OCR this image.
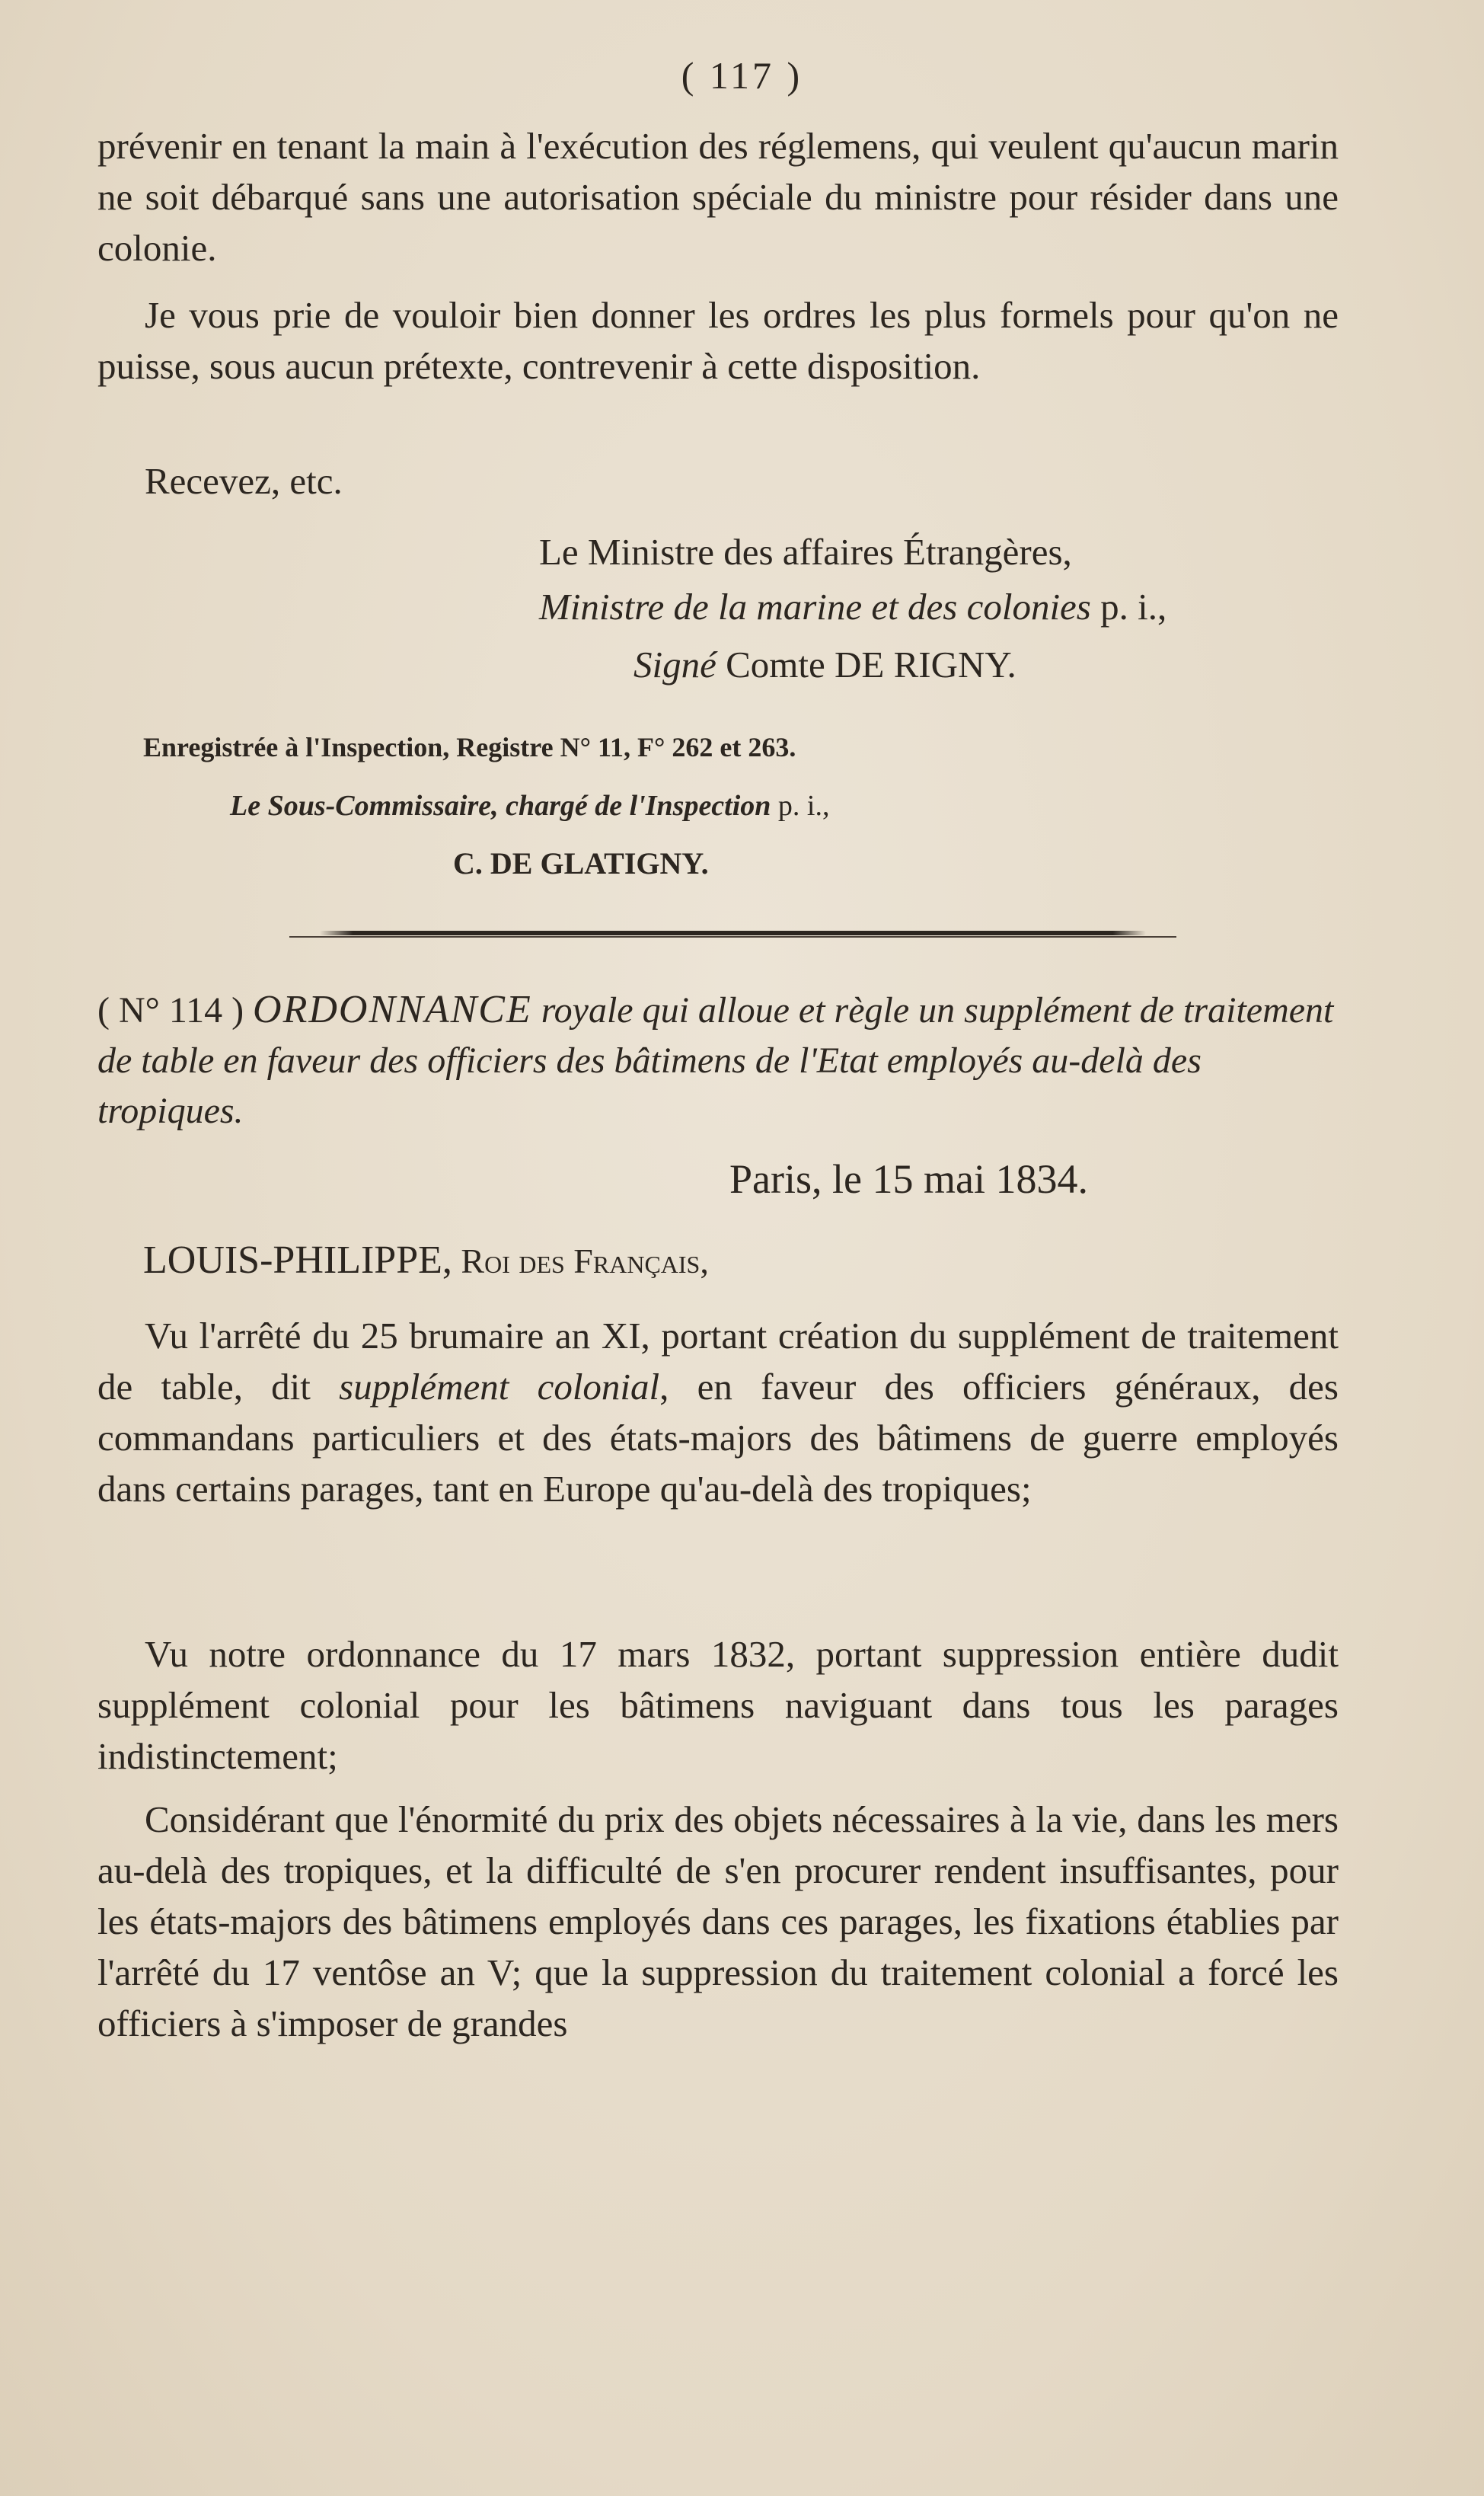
( 117 )

prévenir en tenant la main à l'exécution des réglemens, qui veulent qu'aucun marin ne soit débarqué sans une autorisation spéciale du ministre pour résider dans une colonie.

Je vous prie de vouloir bien donner les ordres les plus formels pour qu'on ne puisse, sous aucun prétexte, contrevenir à cette disposition.

Recevez, etc.

Le Ministre des affaires Étrangères,
Ministre de la marine et des colonies p. i.,
Signé Comte DE RIGNY.
Enregistrée à l'Inspection, Registre N° 11, F° 262 et 263.
Le Sous-Commissaire, chargé de l'Inspection p. i.,
C. DE GLATIGNY.
( N° 114 ) ORDONNANCE royale qui alloue et règle un supplément de traitement de table en faveur des officiers des bâtimens de l'Etat employés au-delà des tropiques.
Paris, le 15 mai 1834.
LOUIS-PHILIPPE, Roi des Français,

Vu l'arrêté du 25 brumaire an XI, portant création du supplément de traitement de table, dit supplément colonial, en faveur des officiers généraux, des commandans particuliers et des états-majors des bâtimens de guerre employés dans certains parages, tant en Europe qu'au-delà des tropiques;

Vu notre ordonnance du 17 mars 1832, portant suppression entière dudit supplément colonial pour les bâtimens naviguant dans tous les parages indistinctement;

Considérant que l'énormité du prix des objets nécessaires à la vie, dans les mers au-delà des tropiques, et la difficulté de s'en procurer rendent insuffisantes, pour les états-majors des bâtimens employés dans ces parages, les fixations établies par l'arrêté du 17 ventôse an V; que la suppression du traitement colonial a forcé les officiers à s'imposer de grandes
